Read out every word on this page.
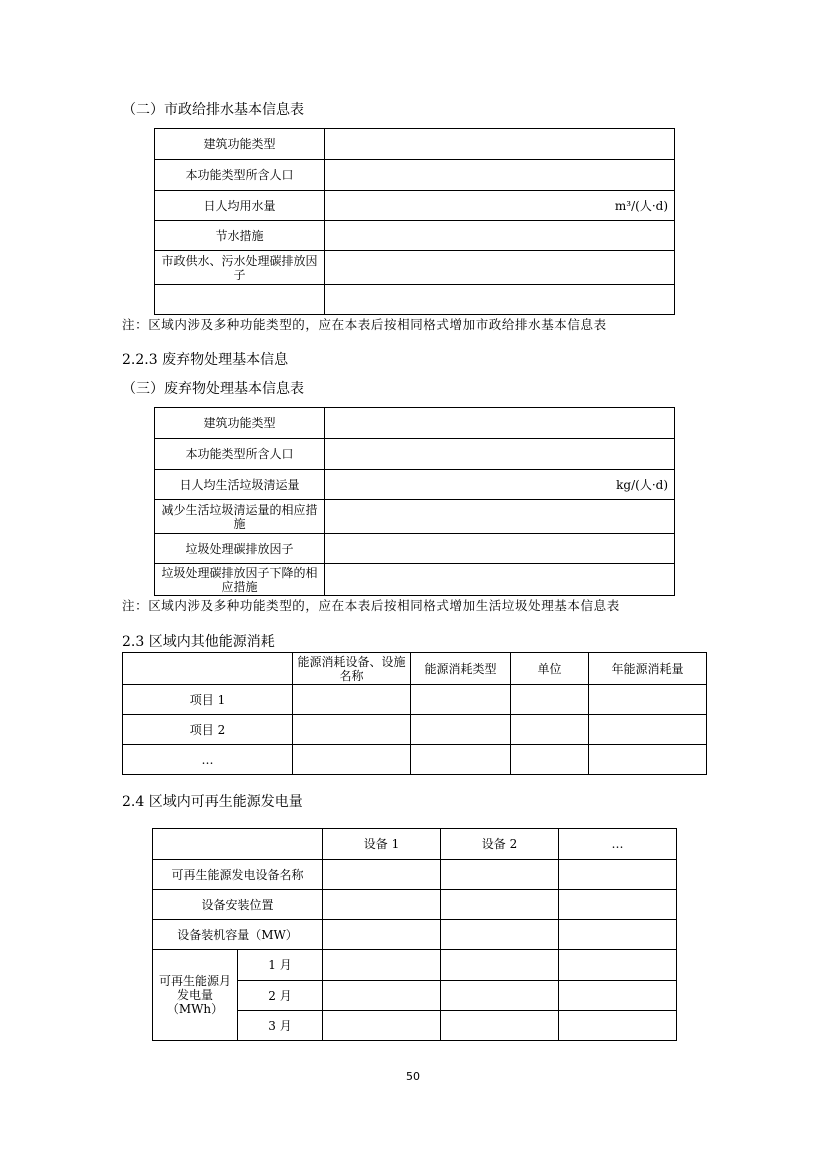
（二）市政给排水基本信息表
建筑功能类型	
本功能类型所含人口	
日人均用水量	m³/(人·d)
节水措施	
市政供水、污水处理碳排放因子	

注：区域内涉及多种功能类型的，应在本表后按相同格式增加市政给排水基本信息表
2.2.3 废弃物处理基本信息
（三）废弃物处理基本信息表
建筑功能类型	
本功能类型所含人口	
日人均生活垃圾清运量	kg/(人·d)
减少生活垃圾清运量的相应措施	
垃圾处理碳排放因子	
垃圾处理碳排放因子下降的相应措施	
注：区域内涉及多种功能类型的，应在本表后按相同格式增加生活垃圾处理基本信息表
2.3 区域内其他能源消耗
	能源消耗设备、设施名称	能源消耗类型	单位	年能源消耗量
项目 1				
项目 2				
…				
2.4 区域内可再生能源发电量
		设备 1	设备 2	…
可再生能源发电设备名称				
设备安装位置				
设备装机容量（MW）				
可再生能源月发电量（MWh）	1 月			
	2 月			
	3 月			
50
